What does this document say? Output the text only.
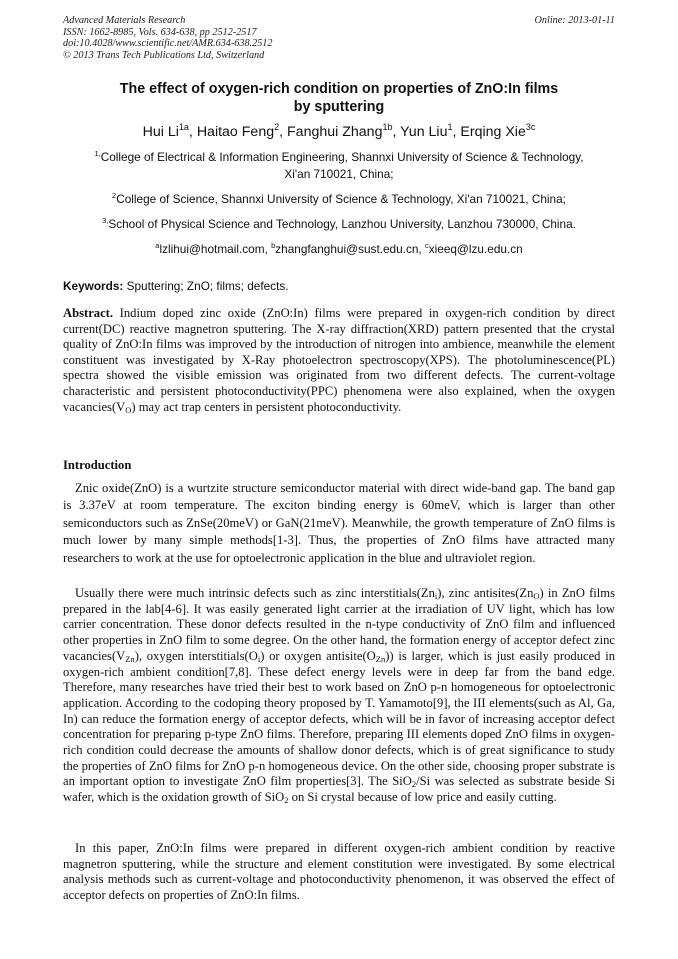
Advanced Materials Research
ISSN: 1662-8985, Vols. 634-638, pp 2512-2517
doi:10.4028/www.scientific.net/AMR.634-638.2512
© 2013 Trans Tech Publications Ltd, Switzerland
Online: 2013-01-11
The effect of oxygen-rich condition on properties of ZnO:In films
by sputtering
Hui $Li^{1a}$, Haitao Feng$^2$, Fanghui Zhang$^{1b}$, Yun Liu$^1$, Erqing Xie$^{3c}$
$^{1,}$College of Electrical & Information Engineering, Shannxi University of Science & Technology,
Xi'an 710021, China;
$^2$College of Science, Shannxi University of Science & Technology, Xi'an 710021, China;
$^{3,}$School of Physical Science and Technology, Lanzhou University, Lanzhou 730000, China.
$^a$lzlihui@hotmail.com, $^b$zhangfanghui@sust.edu.cn, $^c$xieeq@lzu.edu.cn
Keywords: Sputtering; ZnO; films; defects.
Abstract. Indium doped zinc oxide (ZnO:In) films were prepared in oxygen-rich condition by direct current(DC) reactive magnetron sputtering. The X-ray diffraction(XRD) pattern presented that the crystal quality of ZnO:In films was improved by the introduction of nitrogen into ambience, meanwhile the element constituent was investigated by X-Ray photoelectron spectroscopy(XPS). The photoluminescence(PL) spectra showed the visible emission was originated from two different defects. The current-voltage characteristic and persistent photoconductivity(PPC) phenomena were also explained, when the oxygen $vacancies(V_O)$ may act trap centers in persistent photoconductivity.
Introduction
Znic oxide(ZnO) is a wurtzite structure semiconductor material with direct wide-band gap. The band gap is 3.37eV at room temperature. The exciton binding energy is 60meV, which is larger than other semiconductors such as ZnSe(20meV) or GaN(21meV). Meanwhile, the growth temperature of ZnO films is much lower by many simple methods[1-3]. Thus, the properties of ZnO films have attracted many researchers to work at the use for optoelectronic application in the blue and ultraviolet region.
Usually there were much intrinsic defects such as zinc $interstitials(Zn_i)$, zinc $antisites(Zn_O)$ in ZnO films prepared in the lab[4-6]. It was easily generated light carrier at the irradiation of UV light, which has low carrier concentration. These donor defects resulted in the n-type conductivity of ZnO film and influenced other properties in ZnO film to some degree. On the other hand, the formation energy of acceptor defect zinc $vacancies(V_{Zn})$, oxygen $interstitials(O_i)$ or oxygen $antisite(O_{Zn})$) is larger, which is just easily produced in oxygen-rich ambient condition[7,8]. These defect energy levels were in deep far from the band edge. Therefore, many researches have tried their best to work based on ZnO p-n homogeneous for optoelectronic application. According to the codoping theory proposed by T. Yamamoto[9], the III elements(such as Al, Ga, In) can reduce the formation energy of acceptor defects, which will be in favor of increasing acceptor defect concentration for preparing p-type ZnO films. Therefore, preparing III elements doped ZnO films in oxygen-rich condition could decrease the amounts of shallow donor defects, which is of great significance to study the properties of ZnO films for ZnO p-n homogeneous device. On the other side, choosing proper substrate is an important option to investigate ZnO film properties[3]. The SiO$_2$/Si was selected as substrate beside Si wafer, which is the oxidation growth of SiO$_2$ on Si crystal because of low price and easily cutting.
In this paper, ZnO:In films were prepared in different oxygen-rich ambient condition by reactive magnetron sputtering, while the structure and element constitution were investigated. By some electrical analysis methods such as current-voltage and photoconductivity phenomenon, it was observed the effect of acceptor defects on properties of ZnO:In films.
